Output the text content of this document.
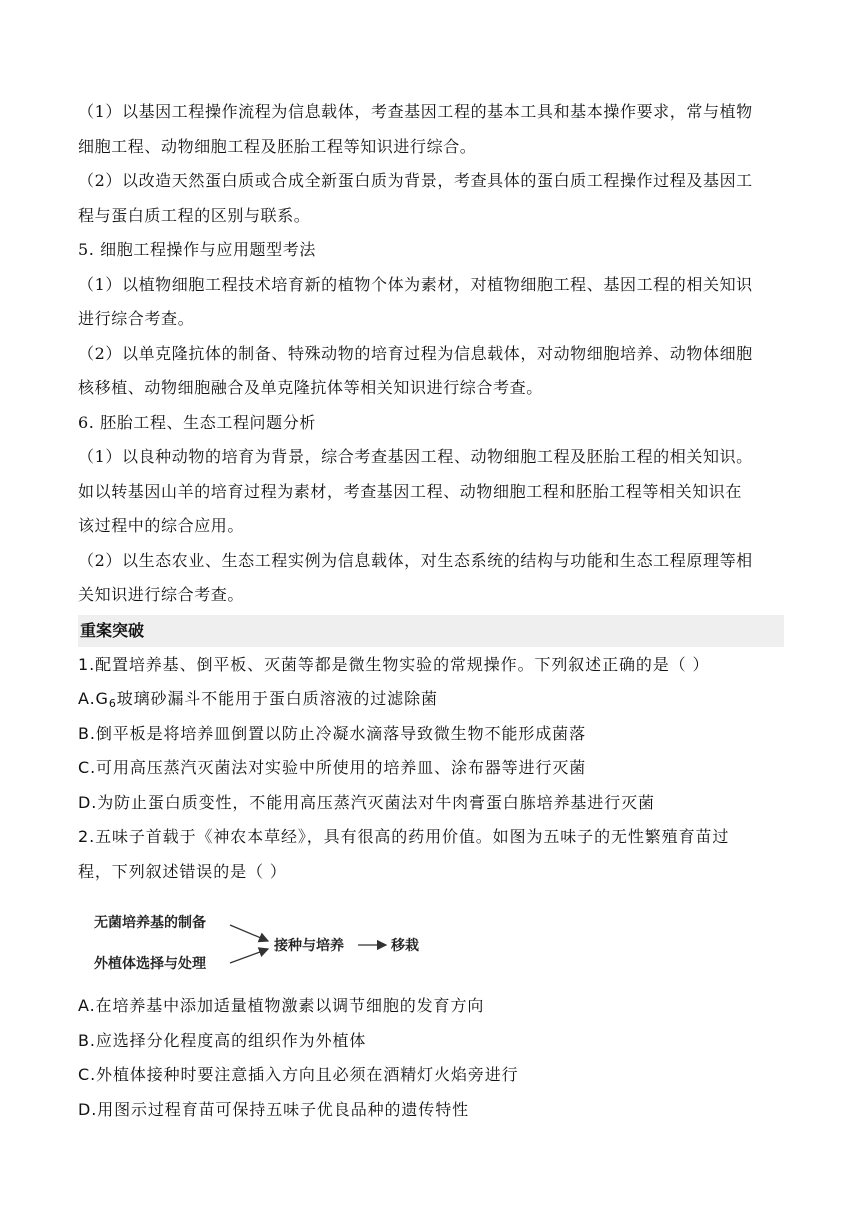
（1）以基因工程操作流程为信息载体，考查基因工程的基本工具和基本操作要求，常与植物
细胞工程、动物细胞工程及胚胎工程等知识进行综合。
（2）以改造天然蛋白质或合成全新蛋白质为背景，考查具体的蛋白质工程操作过程及基因工
程与蛋白质工程的区别与联系。
5. 细胞工程操作与应用题型考法
（1）以植物细胞工程技术培育新的植物个体为素材，对植物细胞工程、基因工程的相关知识
进行综合考查。
（2）以单克隆抗体的制备、特殊动物的培育过程为信息载体，对动物细胞培养、动物体细胞
核移植、动物细胞融合及单克隆抗体等相关知识进行综合考查。
6. 胚胎工程、生态工程问题分析
（1）以良种动物的培育为背景，综合考查基因工程、动物细胞工程及胚胎工程的相关知识。
如以转基因山羊的培育过程为素材，考查基因工程、动物细胞工程和胚胎工程等相关知识在
该过程中的综合应用。
（2）以生态农业、生态工程实例为信息载体，对生态系统的结构与功能和生态工程原理等相
关知识进行综合考查。
重案突破
1.配置培养基、倒平板、灭菌等都是微生物实验的常规操作。下列叙述正确的是（ ）
$A.G_6$玻璃砂漏斗不能用于蛋白质溶液的过滤除菌
B.倒平板是将培养皿倒置以防止冷凝水滴落导致微生物不能形成菌落
C.可用高压蒸汽灭菌法对实验中所使用的培养皿、涂布器等进行灭菌
D.为防止蛋白质变性，不能用高压蒸汽灭菌法对牛肉膏蛋白胨培养基进行灭菌
2.五味子首载于《神农本草经》，具有很高的药用价值。如图为五味子的无性繁殖育苗过
程，下列叙述错误的是（ ）
无菌培养基的制备
外植体选择与处理
接种与培养	移栽
A.在培养基中添加适量植物激素以调节细胞的发育方向
B.应选择分化程度高的组织作为外植体
C.外植体接种时要注意插入方向且必须在酒精灯火焰旁进行
D.用图示过程育苗可保持五味子优良品种的遗传特性
